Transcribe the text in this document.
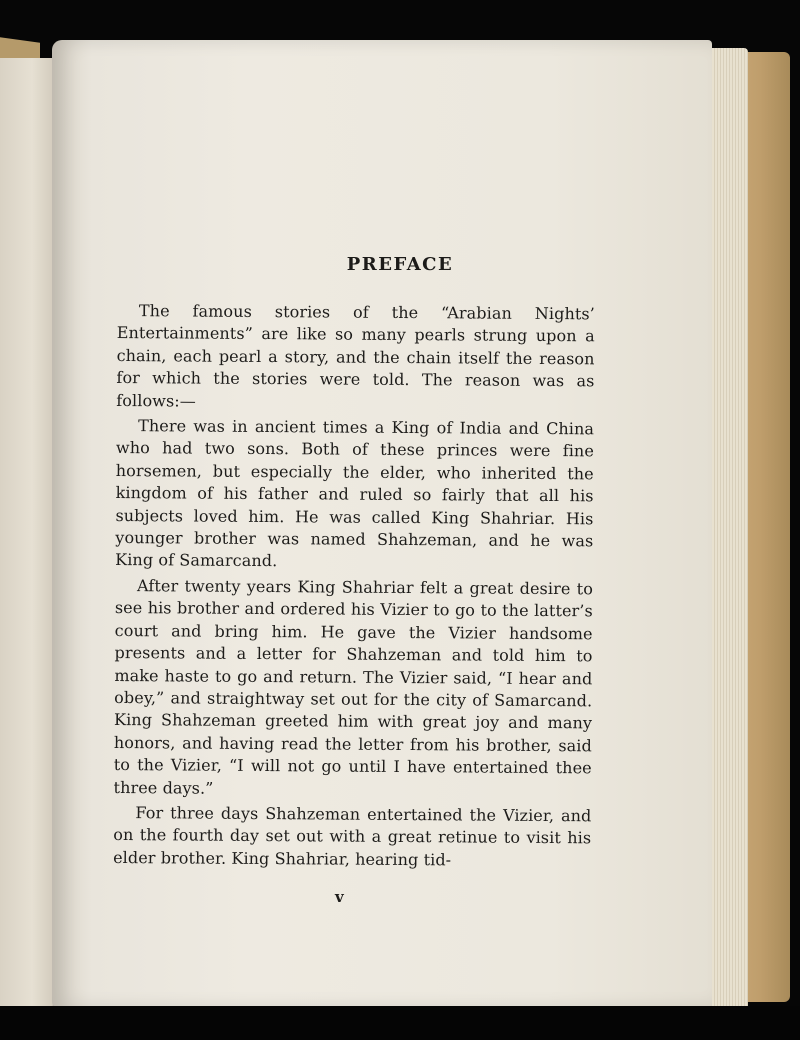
PREFACE

The famous stories of the “Arabian Nights’ Entertainments” are like so many pearls strung upon a chain, each pearl a story, and the chain itself the reason for which the stories were told. The reason was as follows:—

There was in ancient times a King of India and China who had two sons. Both of these princes were fine horsemen, but especially the elder, who inherited the kingdom of his father and ruled so fairly that all his subjects loved him. He was called King Shahriar. His younger brother was named Shahzeman, and he was King of Samarcand.

After twenty years King Shahriar felt a great desire to see his brother and ordered his Vizier to go to the latter’s court and bring him. He gave the Vizier handsome presents and a letter for Shahzeman and told him to make haste to go and return. The Vizier said, “I hear and obey,” and straightway set out for the city of Samarcand. King Shahzeman greeted him with great joy and many honors, and having read the letter from his brother, said to the Vizier, “I will not go until I have entertained thee three days.”

For three days Shahzeman entertained the Vizier, and on the fourth day set out with a great retinue to visit his elder brother. King Shahriar, hearing tid-

v
